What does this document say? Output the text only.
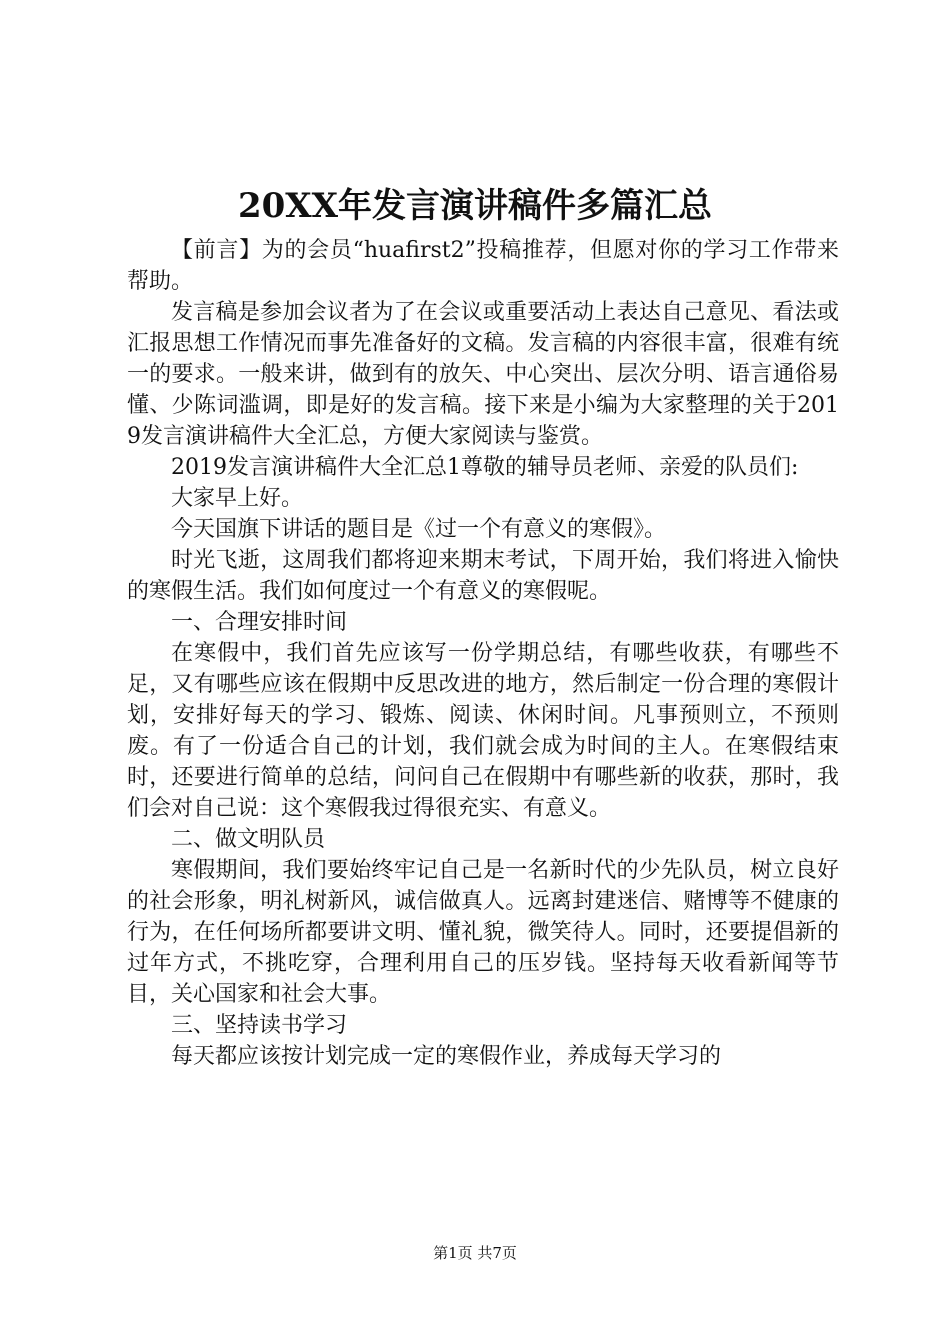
20XX年发言演讲稿件多篇汇总

【前言】为的会员“huafirst2”投稿推荐，但愿对你的学习工作带来帮助。

发言稿是参加会议者为了在会议或重要活动上表达自己意见、看法或汇报思想工作情况而事先准备好的文稿。发言稿的内容很丰富，很难有统一的要求。一般来讲，做到有的放矢、中心突出、层次分明、语言通俗易懂、少陈词滥调，即是好的发言稿。接下来是小编为大家整理的关于2019发言演讲稿件大全汇总，方便大家阅读与鉴赏。

2019发言演讲稿件大全汇总1尊敬的辅导员老师、亲爱的队员们:

大家早上好。

今天国旗下讲话的题目是《过一个有意义的寒假》。

时光飞逝，这周我们都将迎来期末考试，下周开始，我们将进入愉快的寒假生活。我们如何度过一个有意义的寒假呢。

一、合理安排时间

在寒假中，我们首先应该写一份学期总结，有哪些收获，有哪些不足，又有哪些应该在假期中反思改进的地方，然后制定一份合理的寒假计划，安排好每天的学习、锻炼、阅读、休闲时间。凡事预则立，不预则废。有了一份适合自己的计划，我们就会成为时间的主人。在寒假结束时，还要进行简单的总结，问问自己在假期中有哪些新的收获，那时，我们会对自己说：这个寒假我过得很充实、有意义。

二、做文明队员

寒假期间，我们要始终牢记自己是一名新时代的少先队员，树立良好的社会形象，明礼树新风，诚信做真人。远离封建迷信、赌博等不健康的行为，在任何场所都要讲文明、懂礼貌，微笑待人。同时，还要提倡新的过年方式，不挑吃穿，合理利用自己的压岁钱。坚持每天收看新闻等节目，关心国家和社会大事。

三、坚持读书学习

每天都应该按计划完成一定的寒假作业，养成每天学习的

第1页 共7页
